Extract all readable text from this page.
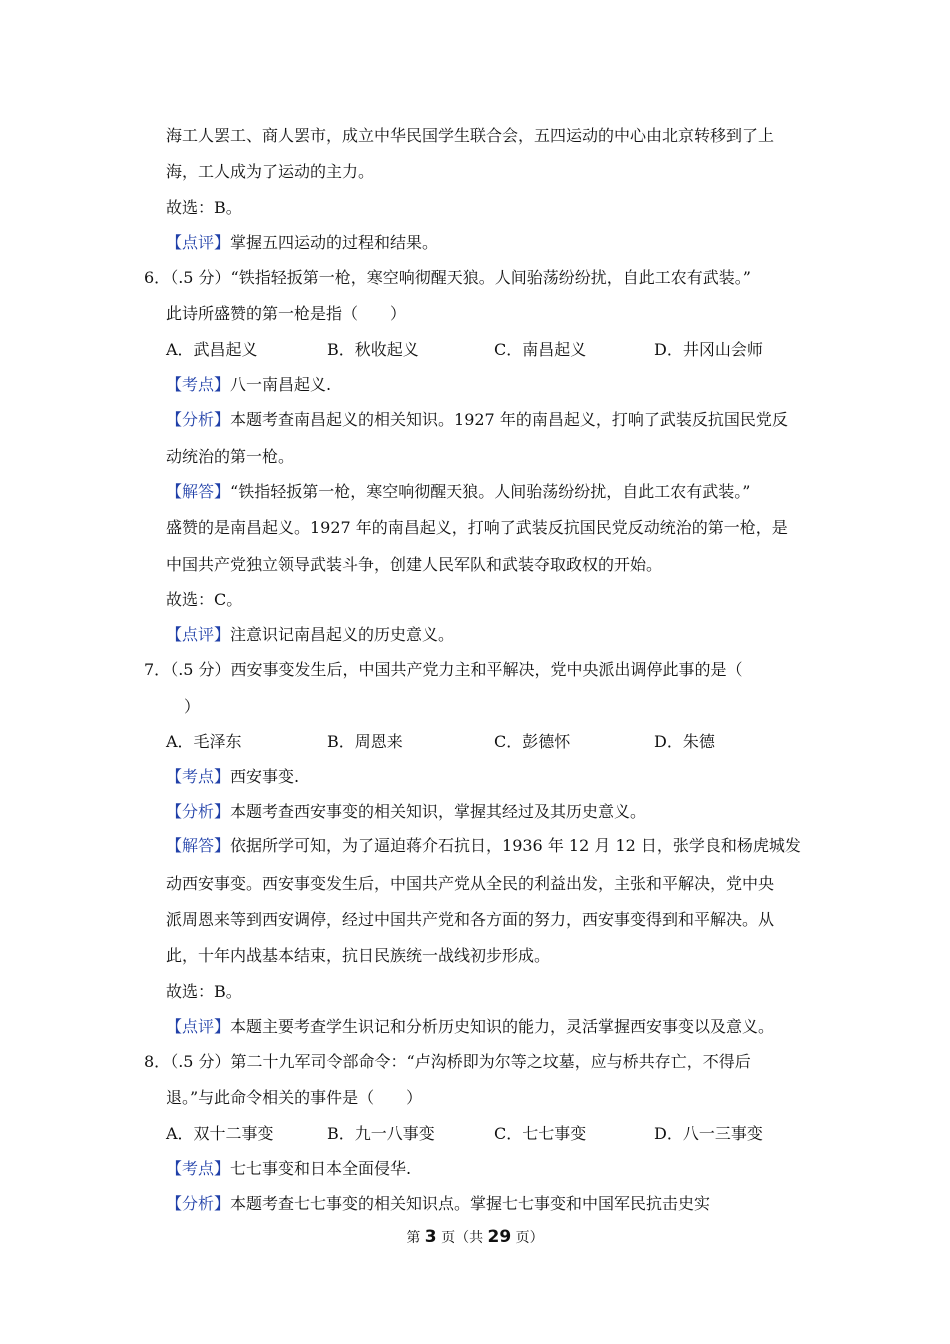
海工人罢工、商人罢市，成立中华民国学生联合会，五四运动的中心由北京转移到了上
海，工人成为了运动的主力。
故选：B。
【点评】掌握五四运动的过程和结果。
6．（.5 分）“铁指轻扳第一枪，寒空响彻醒天狼。人间骀荡纷纷扰，自此工农有武装。”
此诗所盛赞的第一枪是指（　　）
A．武昌起义	B．秋收起义	C．南昌起义	D．井冈山会师
【考点】八一南昌起义.
【分析】本题考查南昌起义的相关知识。1927 年的南昌起义，打响了武装反抗国民党反
动统治的第一枪。
【解答】“铁指轻扳第一枪，寒空响彻醒天狼。人间骀荡纷纷扰，自此工农有武装。”
盛赞的是南昌起义。1927 年的南昌起义，打响了武装反抗国民党反动统治的第一枪，是
中国共产党独立领导武装斗争，创建人民军队和武装夺取政权的开始。
故选：C。
【点评】注意识记南昌起义的历史意义。
7．（.5 分）西安事变发生后，中国共产党力主和平解决，党中央派出调停此事的是（
）
A．毛泽东	B．周恩来	C．彭德怀	D．朱德
【考点】西安事变.
【分析】本题考查西安事变的相关知识，掌握其经过及其历史意义。
【解答】依据所学可知，为了逼迫蒋介石抗日，1936 年 12 月 12 日，张学良和杨虎城发
动西安事变。西安事变发生后，中国共产党从全民的利益出发，主张和平解决，党中央
派周恩来等到西安调停，经过中国共产党和各方面的努力，西安事变得到和平解决。从
此，十年内战基本结束，抗日民族统一战线初步形成。
故选：B。
【点评】本题主要考查学生识记和分析历史知识的能力，灵活掌握西安事变以及意义。
8．（.5 分）第二十九军司令部命令：“卢沟桥即为尔等之坟墓，应与桥共存亡，不得后
退。”与此命令相关的事件是（　　）
A．双十二事变	B．九一八事变	C．七七事变	D．八一三事变
【考点】七七事变和日本全面侵华.
【分析】本题考查七七事变的相关知识点。掌握七七事变和中国军民抗击史实
第 3 页（共 29 页）
